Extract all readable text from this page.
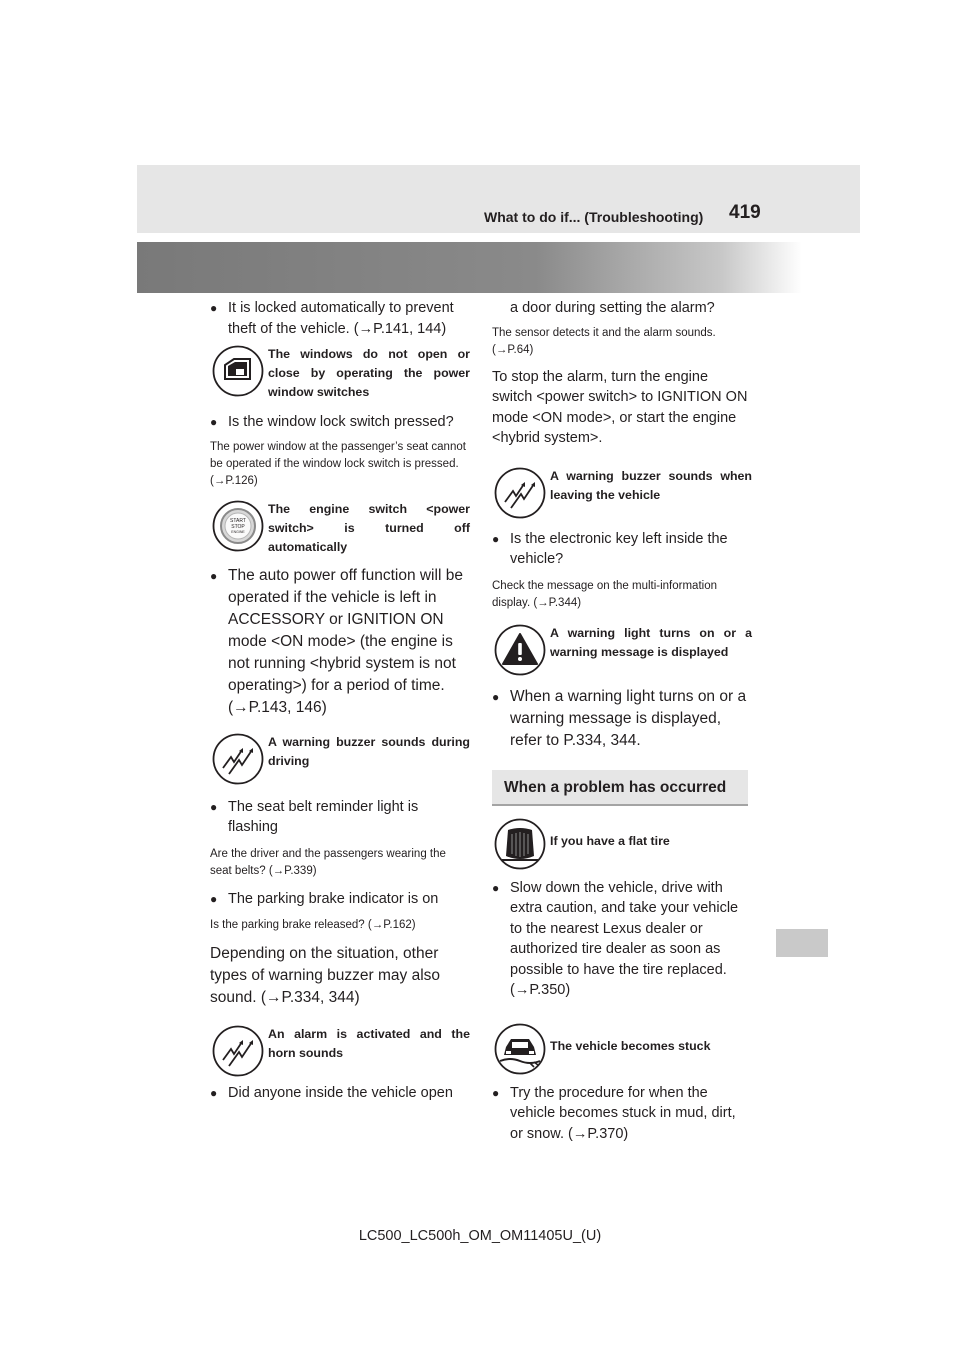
What to do if... (Troubleshooting) 419

● It is locked automatically to prevent theft of the vehicle. (→P.141, 144)

The windows do not open or close by operating the power window switches

● Is the window lock switch pressed?

The power window at the passenger’s seat cannot be operated if the window lock switch is pressed. (→P.126)

START
STOP
ENGINE
The engine switch <power switch> is turned off automatically

● The auto power off function will be operated if the vehicle is left in ACCESSORY or IGNITION ON mode <ON mode> (the engine is not running <hybrid system is not operating>) for a period of time. (→P.143, 146)

A warning buzzer sounds during driving

● The seat belt reminder light is flashing

Are the driver and the passengers wearing the seat belts? (→P.339)

● The parking brake indicator is on

Is the parking brake released? (→P.162)

Depending on the situation, other types of warning buzzer may also sound. (→P.334, 344)

An alarm is activated and the horn sounds

● Did anyone inside the vehicle open

a door during setting the alarm?

The sensor detects it and the alarm sounds. (→P.64)

To stop the alarm, turn the engine switch <power switch> to IGNITION ON mode <ON mode>, or start the engine <hybrid system>.

A warning buzzer sounds when leaving the vehicle

● Is the electronic key left inside the vehicle?

Check the message on the multi-information display. (→P.344)

A warning light turns on or a warning message is displayed

● When a warning light turns on or a warning message is displayed, refer to P.334, 344.

When a problem has occurred
If you have a flat tire

● Slow down the vehicle, drive with extra caution, and take your vehicle to the nearest Lexus dealer or authorized tire dealer as soon as possible to have the tire replaced. (→P.350)

The vehicle becomes stuck

● Try the procedure for when the vehicle becomes stuck in mud, dirt, or snow. (→P.370)

LC500_LC500h_OM_OM11405U_(U)
